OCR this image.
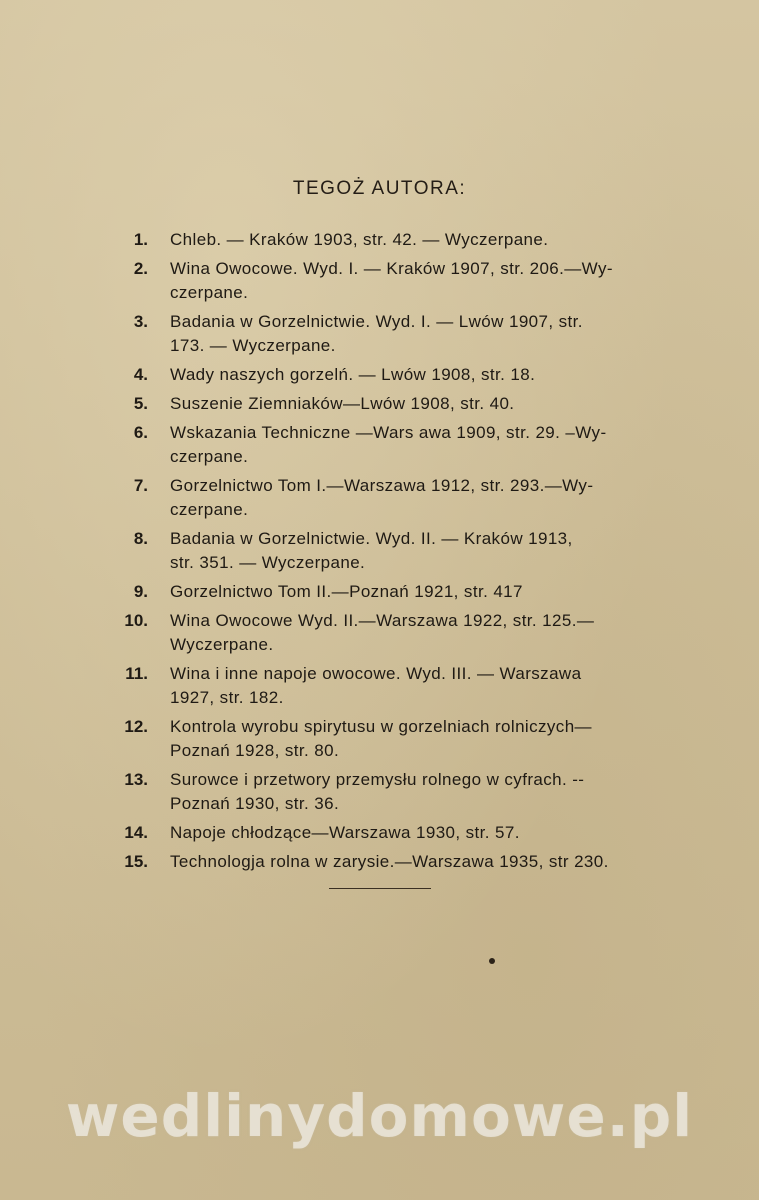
TEGOŻ AUTORA:
1.	Chleb. — Kraków 1903, str. 42. — Wyczerpane.
2.	Wina Owocowe. Wyd. I. — Kraków 1907, str. 206.—Wy-
czerpane.
3.	Badania w Gorzelnictwie. Wyd. I. — Lwów 1907, str.
173. — Wyczerpane.
4.	Wady naszych gorzelń. — Lwów 1908, str. 18.
5.	Suszenie Ziemniaków—Lwów 1908, str. 40.
6.	Wskazania Techniczne —Wars awa 1909, str. 29. –Wy-
czerpane.
7.	Gorzelnictwo Tom I.—Warszawa 1912, str. 293.—Wy-
czerpane.
8.	Badania w Gorzelnictwie. Wyd. II. — Kraków 1913,
str. 351. — Wyczerpane.
9.	Gorzelnictwo Tom II.—Poznań 1921, str. 417
10.	Wina Owocowe Wyd. II.—Warszawa 1922, str. 125.—
Wyczerpane.
11.	Wina i inne napoje owocowe. Wyd. III. — Warszawa
1927, str. 182.
12.	Kontrola wyrobu spirytusu w gorzelniach rolniczych—
Poznań 1928, str. 80.
13.	Surowce i przetwory przemysłu rolnego w cyfrach. --
Poznań 1930, str. 36.
14.	Napoje chłodzące—Warszawa 1930, str. 57.
15.	Technologja rolna w zarysie.—Warszawa 1935, str 230.
wedlinydomowe.pl
